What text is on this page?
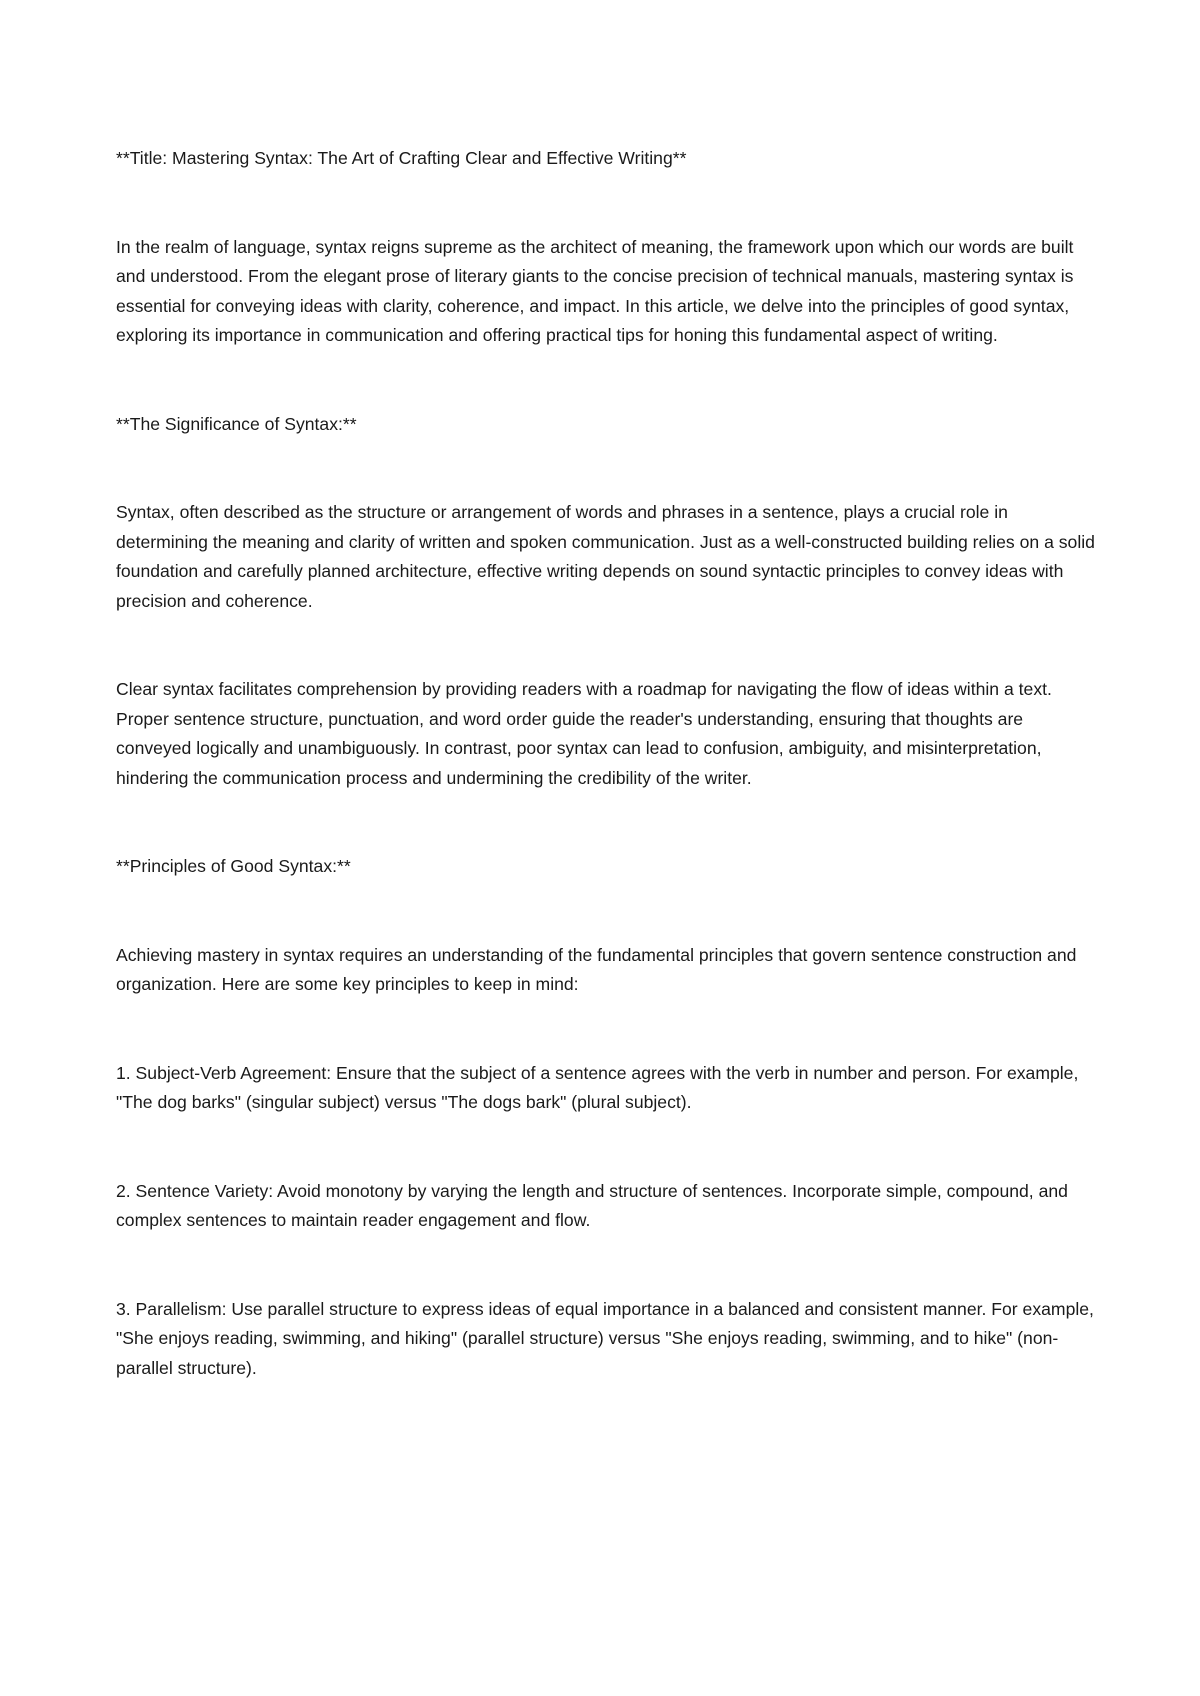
**Title: Mastering Syntax: The Art of Crafting Clear and Effective Writing**

In the realm of language, syntax reigns supreme as the architect of meaning, the framework upon which our words are built and understood. From the elegant prose of literary giants to the concise precision of technical manuals, mastering syntax is essential for conveying ideas with clarity, coherence, and impact. In this article, we delve into the principles of good syntax, exploring its importance in communication and offering practical tips for honing this fundamental aspect of writing.

**The Significance of Syntax:**

Syntax, often described as the structure or arrangement of words and phrases in a sentence, plays a crucial role in determining the meaning and clarity of written and spoken communication. Just as a well-constructed building relies on a solid foundation and carefully planned architecture, effective writing depends on sound syntactic principles to convey ideas with precision and coherence.

Clear syntax facilitates comprehension by providing readers with a roadmap for navigating the flow of ideas within a text. Proper sentence structure, punctuation, and word order guide the reader's understanding, ensuring that thoughts are conveyed logically and unambiguously. In contrast, poor syntax can lead to confusion, ambiguity, and misinterpretation, hindering the communication process and undermining the credibility of the writer.

**Principles of Good Syntax:**

Achieving mastery in syntax requires an understanding of the fundamental principles that govern sentence construction and organization. Here are some key principles to keep in mind:

1. Subject-Verb Agreement: Ensure that the subject of a sentence agrees with the verb in number and person. For example, "The dog barks" (singular subject) versus "The dogs bark" (plural subject).

2. Sentence Variety: Avoid monotony by varying the length and structure of sentences. Incorporate simple, compound, and complex sentences to maintain reader engagement and flow.

3. Parallelism: Use parallel structure to express ideas of equal importance in a balanced and consistent manner. For example, "She enjoys reading, swimming, and hiking" (parallel structure) versus "She enjoys reading, swimming, and to hike" (non-parallel structure).
